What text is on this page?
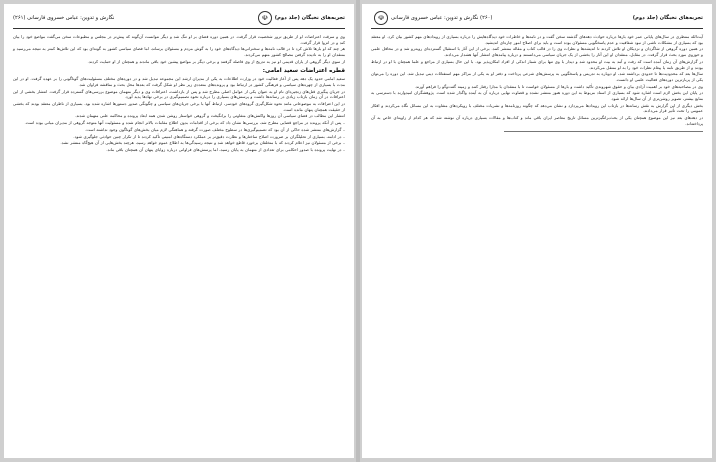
تجربه‌های نخبگان (جلد دوم)
☫
نگارش و تدوین: عباس خسروی فارسانی (۲۶۱)

وی و سرقت اعتراضات او از طریق ترور شخصیت قرار گرفت. در همین دوره فضای بر او تنگ شد و دیگر نتوانست آن‌گونه که پیش‌تر در مجلس و مطبوعات سخن می‌گفت مواضع خود را بیان کند و در انزوا قرار گرفت.

هر چند که او بارها تلاش کرد تا در قالب نامه‌ها و سخنرانی‌ها دیدگاه‌های خود را به گوش مردم و مسئولان برساند، اما فضای سیاسی کشور به گونه‌ای بود که این تلاش‌ها کمتر به نتیجه می‌رسید و منتقدان او را به نادیده گرفتن مصالح کشور متهم می‌کردند.

از سوی دیگر گروهی از یاران قدیمی او نیز به تدریج از وی فاصله گرفتند و برخی دیگر بر مواضع پیشین خود باقی ماندند و همچنان از او حمایت کردند.

قطره اعتراضات سعید امامی:

سعید امامی حدود یک دهه پس از آغاز فعالیت خود در وزارت اطلاعات به یکی از مدیران ارشد این مجموعه تبدیل شد و در دوره‌های مختلف مسئولیت‌های گوناگونی را بر عهده گرفت. او در این مدت با بسیاری از چهره‌های سیاسی و فرهنگی کشور در ارتباط بود و پرونده‌های متعددی زیر نظر او شکل گرفت که بعدها محل بحث و مناقشه فراوان شد.

در جریان پیگیری قتل‌های زنجیره‌ای نام او به عنوان یکی از عوامل اصلی مطرح شد و پس از بازداشت، اعترافات وی و دیگر متهمان موضوع بررسی‌های گسترده قرار گرفت. انتشار بخشی از این اعترافات در آن زمان بازتاب زیادی در رسانه‌ها داشت و پرسش‌های بسیاری را درباره نحوه تصمیم‌گیری در برخی نهادها پدید آورد.

در این اعترافات به موضوعاتی مانند نحوه شکل‌گیری گروه‌های خودسر، ارتباط آنها با برخی جریان‌های سیاسی و چگونگی صدور دستورها اشاره شده بود. بسیاری از ناظران معتقد بودند که بخشی از حقیقت همچنان پنهان مانده است.

انتشار این مطالب در فضای سیاسی آن روزها واکنش‌های متفاوتی را برانگیخت و گروهی خواستار روشن شدن همه ابعاد پرونده و محاکمه علنی متهمان شدند.

– پس از آنکه پرونده در مراجع قضایی مطرح شد، بررسی‌ها نشان داد که برخی از اقدامات بدون اطلاع مقامات بالاتر انجام شده و مسئولیت آنها متوجه گروهی از مدیران میانی بوده است.

– گزارش‌های منتشر شده حاکی از آن بود که تصمیم‌گیری‌ها در سطوح مختلف صورت گرفته و هماهنگی لازم میان بخش‌های گوناگون وجود نداشته است.

– در ادامه، بسیاری از تحلیلگران بر ضرورت اصلاح ساختارها و نظارت دقیق‌تر بر عملکرد دستگاه‌های امنیتی تأکید کردند تا از تکرار چنین حوادثی جلوگیری شود.

– برخی از مسئولان نیز اعلام کردند که با متخلفان برخورد قاطع خواهد شد و نتیجه رسیدگی‌ها به اطلاع عموم خواهد رسید، هرچند بخش‌هایی از آن هیچ‌گاه منتشر نشد.

– در نهایت پرونده با صدور احکامی برای تعدادی از متهمان به پایان رسید، اما پرسش‌های فراوانی درباره زوایای پنهان آن همچنان باقی ماند.

تجربه‌های نخبگان (جلد دوم)
(۲۶۰) نگارش و تدوین: عباس خسروی فارسانی
☫

آیت‌الله منتظری در سال‌های پایانی عمر خود بارها درباره حوادث دهه‌های گذشته سخن گفت و در نامه‌ها و خاطرات خود دیدگاه‌هایش را درباره بسیاری از رویدادهای مهم کشور بیان کرد. او معتقد بود که بسیاری از مشکلات ناشی از نبود شفافیت و عدم پاسخگویی مسئولان بوده است و باید برای اصلاح امور چاره‌ای اندیشید.

در همین دوره گروهی از شاگردان و نزدیکان او تلاش کردند تا اندیشه‌ها و نظرات وی را در قالب کتاب و مقاله منتشر کنند. برخی از این آثار با استقبال گسترده‌ای روبه‌رو شد و در محافل علمی و حوزوی مورد بحث قرار گرفت. در مقابل، منتقدان او این آثار را بخشی از یک جریان سیاسی می‌دانستند و درباره پیامدهای انتشار آنها هشدار می‌دادند.

در گزارش‌های آن زمان آمده است که رفت و آمد به بیت او محدود شد و دیدار با وی تنها برای شمار اندکی از افراد امکان‌پذیر بود. با این حال بسیاری از مراجع و علما همچنان با او در ارتباط بودند و از طریق نامه یا پیغام نظرات خود را به او منتقل می‌کردند.

سال‌ها بعد که محدودیت‌ها تا حدودی برداشته شد، او دوباره به تدریس و پاسخگویی به پرسش‌های شرعی پرداخت و دفتر او به یکی از مراکز مهم استفتائات دینی تبدیل شد. این دوره را می‌توان یکی از پربارترین دوره‌های فعالیت علمی او دانست.

وی در مصاحبه‌های خود بر اهمیت آزادی بیان و حقوق شهروندی تأکید داشت و بارها از مسئولان خواست تا با منتقدان با مدارا رفتار کنند و زمینه گفت‌وگو را فراهم آورند.

در پایان این بخش لازم است اشاره شود که بسیاری از اسناد مربوط به این دوره هنوز منتشر نشده و قضاوت نهایی درباره آن به آینده واگذار شده است. پژوهشگران امیدوارند با دسترسی به منابع بیشتر، تصویر روشن‌تری از آن سال‌ها ارائه شود.

بخش دیگری از این گزارش به نقش رسانه‌ها در بازتاب این رویدادها می‌پردازد و نشان می‌دهد که چگونه روزنامه‌ها و نشریات مختلف با رویکردهای متفاوت به این مسائل نگاه می‌کردند و افکار عمومی را تحت تأثیر قرار می‌دادند.

در دهه‌های بعد نیز این موضوع همچنان یکی از بحث‌برانگیزترین مسائل تاریخ معاصر ایران باقی ماند و کتاب‌ها و مقالات بسیاری درباره آن نوشته شد که هر کدام از زاویه‌ای خاص به آن پرداخته‌اند.
